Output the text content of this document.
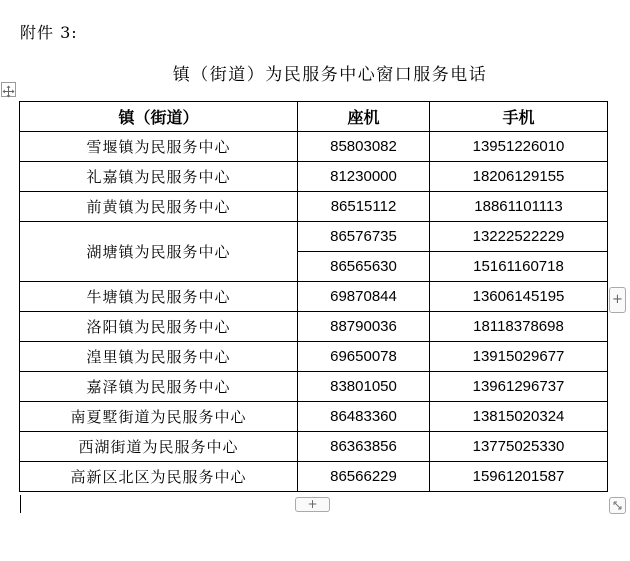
附件 3:
镇（街道）为民服务中心窗口服务电话
镇（街道）	座机	手机
雪堰镇为民服务中心	85803082	13951226010
礼嘉镇为民服务中心	81230000	18206129155
前黄镇为民服务中心	86515112	18861101113
湖塘镇为民服务中心	86576735	13222522229
	86565630	15161160718
牛塘镇为民服务中心	69870844	13606145195
洛阳镇为民服务中心	88790036	18118378698
湟里镇为民服务中心	69650078	13915029677
嘉泽镇为民服务中心	83801050	13961296737
南夏墅街道为民服务中心	86483360	13815020324
西湖街道为民服务中心	86363856	13775025330
高新区北区为民服务中心	86566229	15961201587
+
+
